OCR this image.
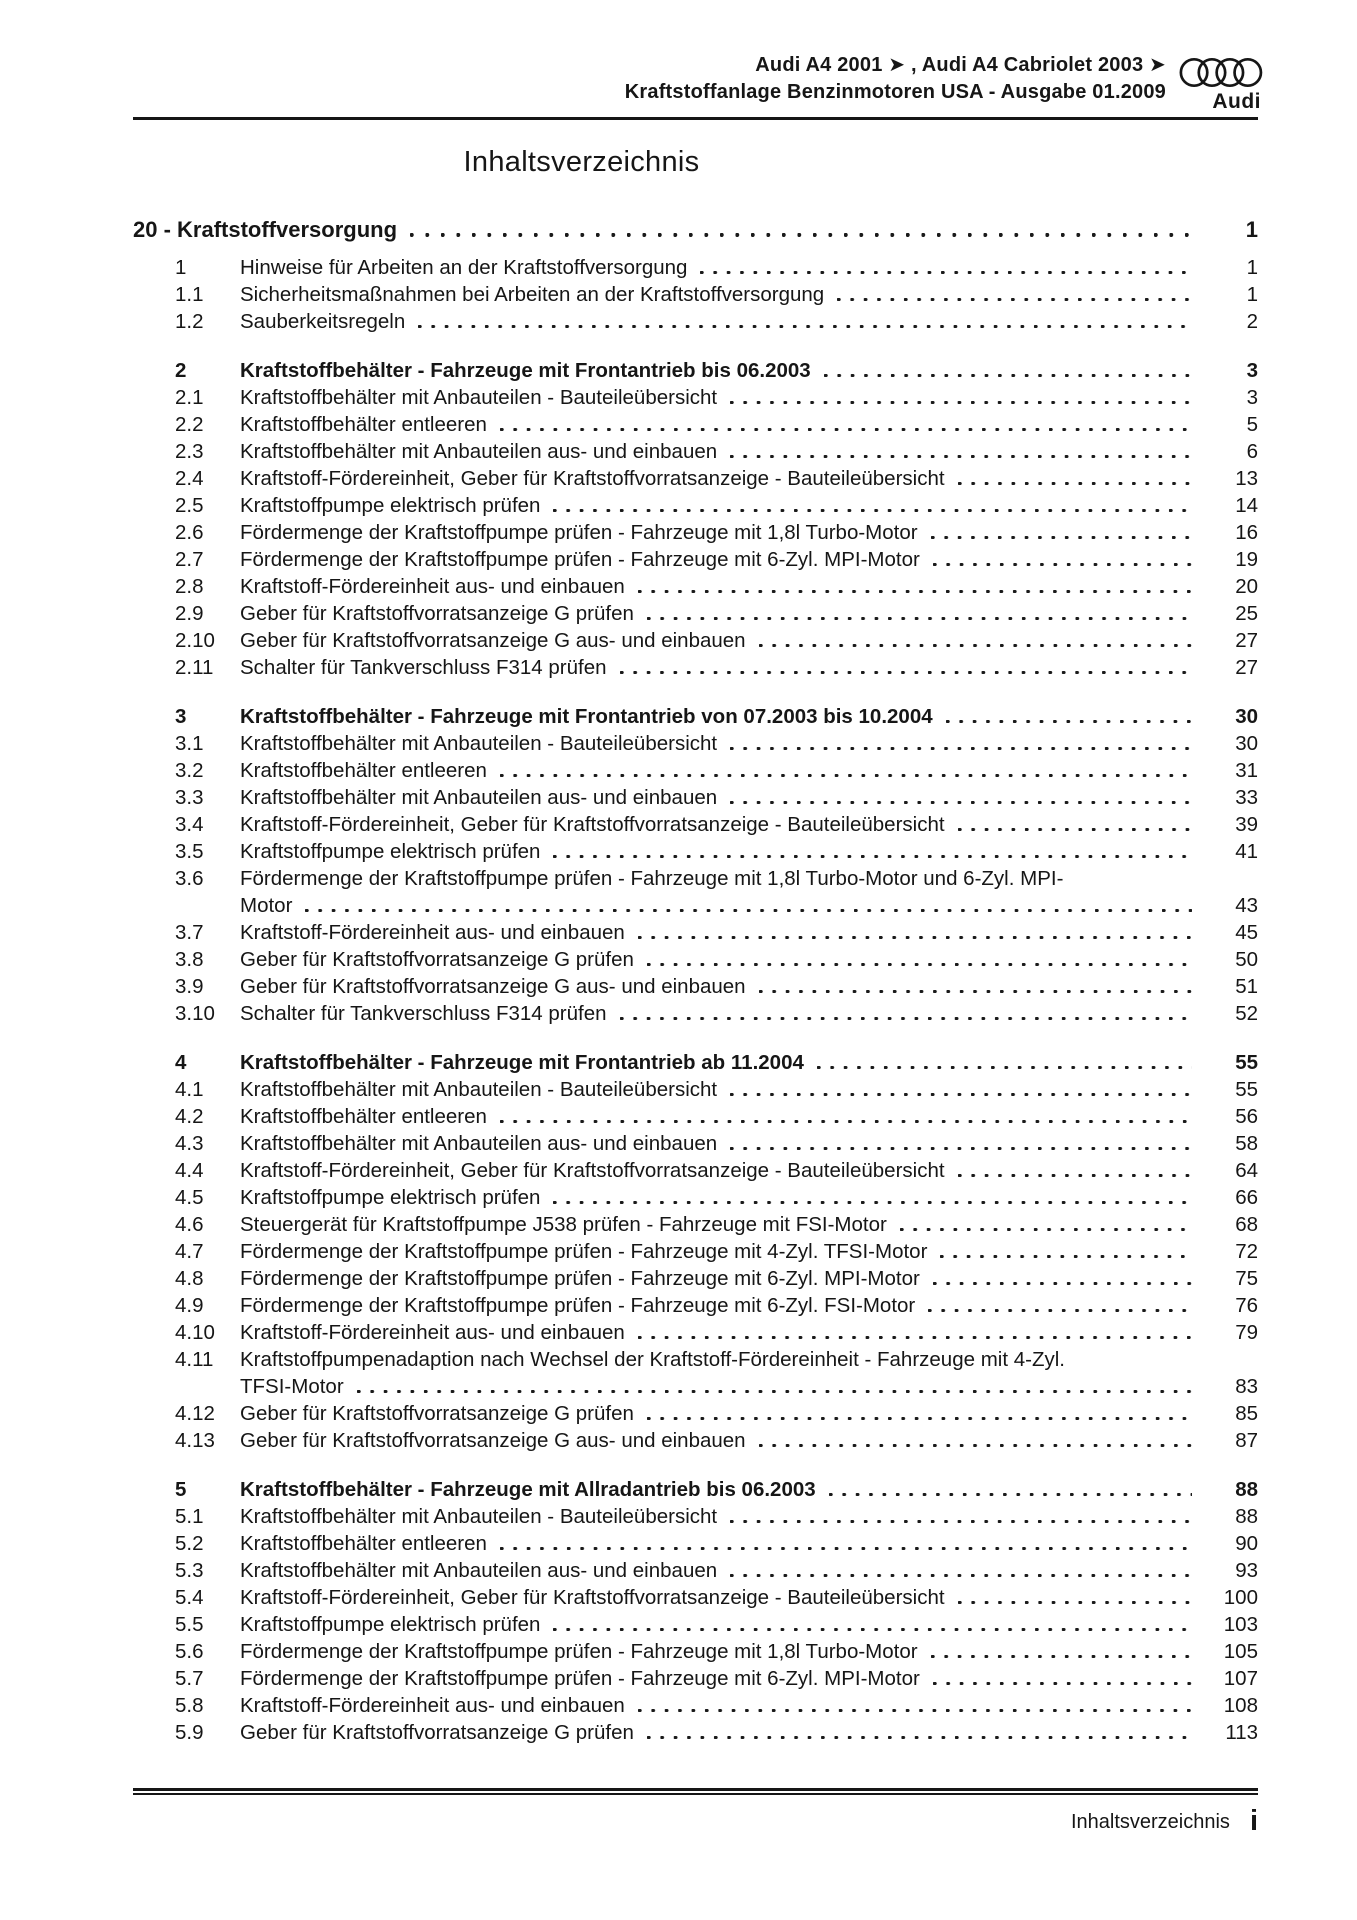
Audi A4 2001 ➤ , Audi A4 Cabriolet 2003 ➤
Kraftstoffanlage Benzinmotoren USA - Ausgabe 01.2009	Audi
Inhaltsverzeichnis
20 - Kraftstoffversorgung	1
1	Hinweise für Arbeiten an der Kraftstoffversorgung	1
1.1	Sicherheitsmaßnahmen bei Arbeiten an der Kraftstoffversorgung	1
1.2	Sauberkeitsregeln	2
2	Kraftstoffbehälter - Fahrzeuge mit Frontantrieb bis 06.2003	3
2.1	Kraftstoffbehälter mit Anbauteilen - Bauteileübersicht	3
2.2	Kraftstoffbehälter entleeren	5
2.3	Kraftstoffbehälter mit Anbauteilen aus- und einbauen	6
2.4	Kraftstoff-Fördereinheit, Geber für Kraftstoffvorratsanzeige - Bauteileübersicht	13
2.5	Kraftstoffpumpe elektrisch prüfen	14
2.6	Fördermenge der Kraftstoffpumpe prüfen - Fahrzeuge mit 1,8l Turbo-Motor	16
2.7	Fördermenge der Kraftstoffpumpe prüfen - Fahrzeuge mit 6-Zyl. MPI-Motor	19
2.8	Kraftstoff-Fördereinheit aus- und einbauen	20
2.9	Geber für Kraftstoffvorratsanzeige G prüfen	25
2.10	Geber für Kraftstoffvorratsanzeige G aus- und einbauen	27
2.11	Schalter für Tankverschluss F314 prüfen	27
3	Kraftstoffbehälter - Fahrzeuge mit Frontantrieb von 07.2003 bis 10.2004	30
3.1	Kraftstoffbehälter mit Anbauteilen - Bauteileübersicht	30
3.2	Kraftstoffbehälter entleeren	31
3.3	Kraftstoffbehälter mit Anbauteilen aus- und einbauen	33
3.4	Kraftstoff-Fördereinheit, Geber für Kraftstoffvorratsanzeige - Bauteileübersicht	39
3.5	Kraftstoffpumpe elektrisch prüfen	41
3.6	Fördermenge der Kraftstoffpumpe prüfen - Fahrzeuge mit 1,8l Turbo-Motor und 6-Zyl. MPI-
Motor	43
3.7	Kraftstoff-Fördereinheit aus- und einbauen	45
3.8	Geber für Kraftstoffvorratsanzeige G prüfen	50
3.9	Geber für Kraftstoffvorratsanzeige G aus- und einbauen	51
3.10	Schalter für Tankverschluss F314 prüfen	52
4	Kraftstoffbehälter - Fahrzeuge mit Frontantrieb ab 11.2004	55
4.1	Kraftstoffbehälter mit Anbauteilen - Bauteileübersicht	55
4.2	Kraftstoffbehälter entleeren	56
4.3	Kraftstoffbehälter mit Anbauteilen aus- und einbauen	58
4.4	Kraftstoff-Fördereinheit, Geber für Kraftstoffvorratsanzeige - Bauteileübersicht	64
4.5	Kraftstoffpumpe elektrisch prüfen	66
4.6	Steuergerät für Kraftstoffpumpe J538 prüfen - Fahrzeuge mit FSI-Motor	68
4.7	Fördermenge der Kraftstoffpumpe prüfen - Fahrzeuge mit 4-Zyl. TFSI-Motor	72
4.8	Fördermenge der Kraftstoffpumpe prüfen - Fahrzeuge mit 6-Zyl. MPI-Motor	75
4.9	Fördermenge der Kraftstoffpumpe prüfen - Fahrzeuge mit 6-Zyl. FSI-Motor	76
4.10	Kraftstoff-Fördereinheit aus- und einbauen	79
4.11	Kraftstoffpumpenadaption nach Wechsel der Kraftstoff-Fördereinheit - Fahrzeuge mit 4-Zyl.
TFSI-Motor	83
4.12	Geber für Kraftstoffvorratsanzeige G prüfen	85
4.13	Geber für Kraftstoffvorratsanzeige G aus- und einbauen	87
5	Kraftstoffbehälter - Fahrzeuge mit Allradantrieb bis 06.2003	88
5.1	Kraftstoffbehälter mit Anbauteilen - Bauteileübersicht	88
5.2	Kraftstoffbehälter entleeren	90
5.3	Kraftstoffbehälter mit Anbauteilen aus- und einbauen	93
5.4	Kraftstoff-Fördereinheit, Geber für Kraftstoffvorratsanzeige - Bauteileübersicht	100
5.5	Kraftstoffpumpe elektrisch prüfen	103
5.6	Fördermenge der Kraftstoffpumpe prüfen - Fahrzeuge mit 1,8l Turbo-Motor	105
5.7	Fördermenge der Kraftstoffpumpe prüfen - Fahrzeuge mit 6-Zyl. MPI-Motor	107
5.8	Kraftstoff-Fördereinheit aus- und einbauen	108
5.9	Geber für Kraftstoffvorratsanzeige G prüfen	113
Inhaltsverzeichnis i
